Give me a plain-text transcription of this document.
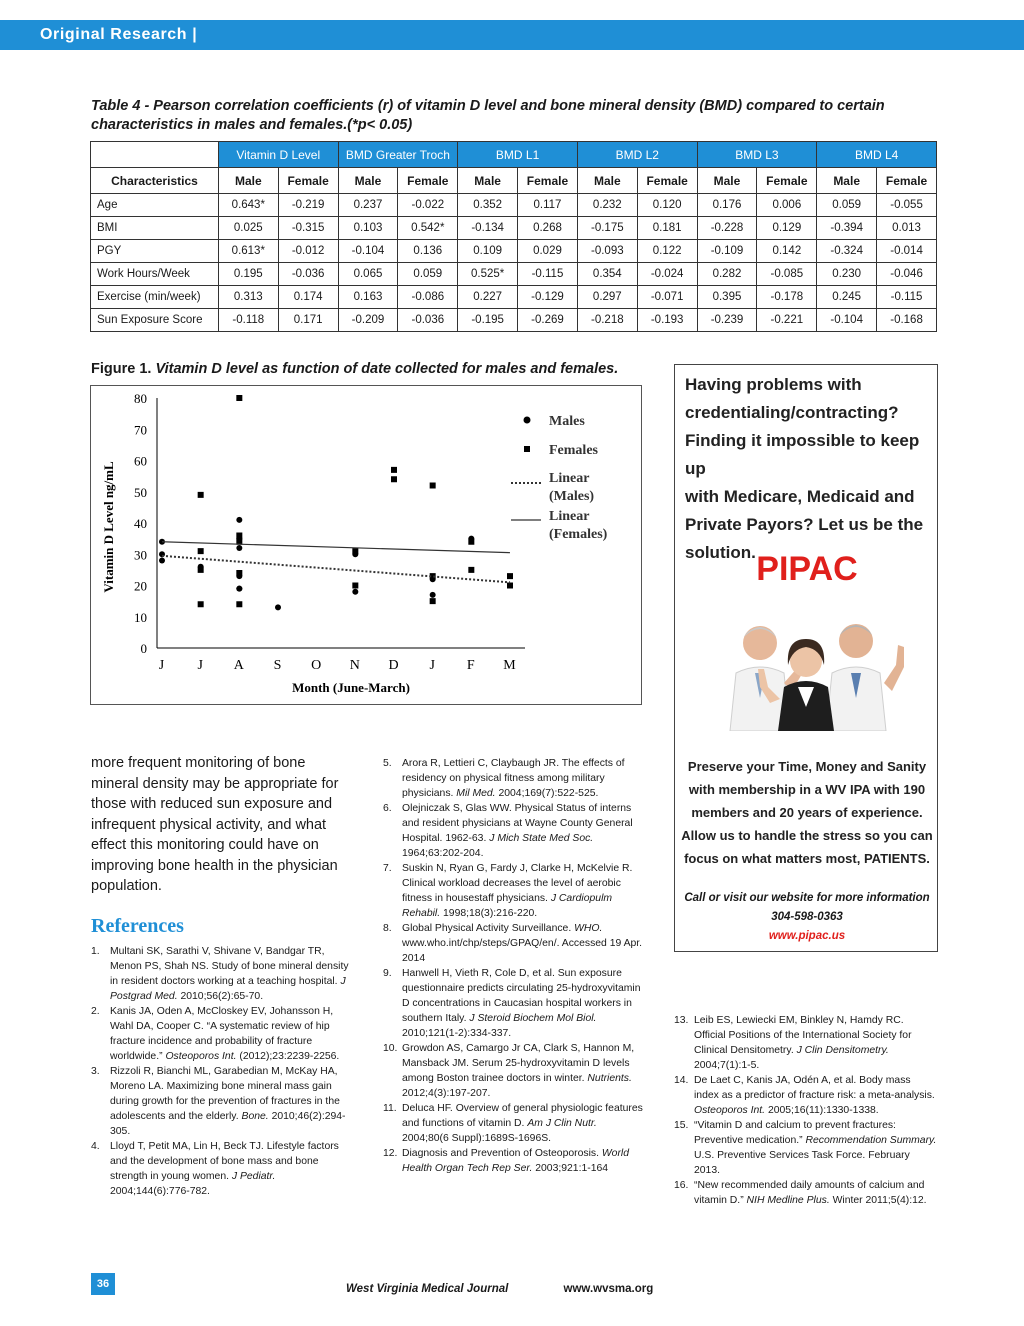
Original Research |
Table 4 - Pearson correlation coefficients (r) of vitamin D level and bone mineral density (BMD) compared to certain characteristics in males and females.(*p< 0.05)
	Vitamin D Level		BMD Greater Troch		BMD L1		BMD L2		BMD L3		BMD L4	
Characteristics	Male	Female	Male	Female	Male	Female	Male	Female	Male	Female	Male	Female
Age	0.643*	-0.219	0.237	-0.022	0.352	0.117	0.232	0.120	0.176	0.006	0.059	-0.055
BMI	0.025	-0.315	0.103	0.542*	-0.134	0.268	-0.175	0.181	-0.228	0.129	-0.394	0.013
PGY	0.613*	-0.012	-0.104	0.136	0.109	0.029	-0.093	0.122	-0.109	0.142	-0.324	-0.014
Work Hours/Week	0.195	-0.036	0.065	0.059	0.525*	-0.115	0.354	-0.024	0.282	-0.085	0.230	-0.046
Exercise (min/week)	0.313	0.174	0.163	-0.086	0.227	-0.129	0.297	-0.071	0.395	-0.178	0.245	-0.115
Sun Exposure Score	-0.118	0.171	-0.209	-0.036	-0.195	-0.269	-0.218	-0.193	-0.239	-0.221	-0.104	-0.168
Figure 1. Vitamin D level as function of date collected for males and females.
0
10
20
30
40
50
60
70
80
J J A S O N D J F M
Month (June-March)
Vitamin D Level ng/mL
Males
Females
Linear (Males)
Linear (Females)
Having problems with
credentialing/contracting?
Finding it impossible to keep up
with Medicare, Medicaid and
Private Payors? Let us be the
solution. PIPAC
Preserve your Time, Money and Sanity
with membership in a WV IPA with 190
members and 20 years of experience.
Allow us to handle the stress so you can
focus on what matters most, PATIENTS.
Call or visit our website for more information
304-598-0363
www.pipac.us
more frequent monitoring of bone mineral density may be appropriate for those with reduced sun exposure and infrequent physical activity, and what effect this monitoring could have on improving bone health in the physician population.
References
1. Multani SK, Sarathi V, Shivane V, Bandgar TR, Menon PS, Shah NS. Study of bone mineral density in resident doctors working at a teaching hospital. J Postgrad Med. 2010;56(2):65-70.
2. Kanis JA, Oden A, McCloskey EV, Johansson H, Wahl DA, Cooper C. “A systematic review of hip fracture incidence and probability of fracture worldwide.” Osteoporos Int. (2012);23:2239-2256.
3. Rizzoli R, Bianchi ML, Garabedian M, McKay HA, Moreno LA. Maximizing bone mineral mass gain during growth for the prevention of fractures in the adolescents and the elderly. Bone. 2010;46(2):294-305.
4. Lloyd T, Petit MA, Lin H, Beck TJ. Lifestyle factors and the development of bone mass and bone strength in young women. J Pediatr. 2004;144(6):776-782.
5. Arora R, Lettieri C, Claybaugh JR. The effects of residency on physical fitness among military physicians. Mil Med. 2004;169(7):522-525.
6. Olejniczak S, Glas WW. Physical Status of interns and resident physicians at Wayne County General Hospital. 1962-63. J Mich State Med Soc. 1964;63:202-204.
7. Suskin N, Ryan G, Fardy J, Clarke H, McKelvie R. Clinical workload decreases the level of aerobic fitness in housestaff physicians. J Cardiopulm Rehabil. 1998;18(3):216-220.
8. Global Physical Activity Surveillance. WHO. www.who.int/chp/steps/GPAQ/en/. Accessed 19 Apr. 2014
9. Hanwell H, Vieth R, Cole D, et al. Sun exposure questionnaire predicts circulating 25-hydroxyvitamin D concentrations in Caucasian hospital workers in southern Italy. J Steroid Biochem Mol Biol. 2010;121(1-2):334-337.
10. Growdon AS, Camargo Jr CA, Clark S, Hannon M, Mansback JM. Serum 25-hydroxyvitamin D levels among Boston trainee doctors in winter. Nutrients. 2012;4(3):197-207.
11. Deluca HF. Overview of general physiologic features and functions of vitamin D. Am J Clin Nutr. 2004;80(6 Suppl):1689S-1696S.
12. Diagnosis and Prevention of Osteoporosis. World Health Organ Tech Rep Ser. 2003;921:1-164
13. Leib ES, Lewiecki EM, Binkley N, Hamdy RC. Official Positions of the International Society for Clinical Densitometry. J Clin Densitometry. 2004;7(1):1-5.
14. De Laet C, Kanis JA, Odén A, et al. Body mass index as a predictor of fracture risk: a meta-analysis. Osteoporos Int. 2005;16(11):1330-1338.
15. “Vitamin D and calcium to prevent fractures: Preventive medication.” Recommendation Summary. U.S. Preventive Services Task Force. February 2013.
16. “New recommended daily amounts of calcium and vitamin D.” NIH Medline Plus. Winter 2011;5(4):12.
36	West Virginia Medical Journal	www.wvsma.org
